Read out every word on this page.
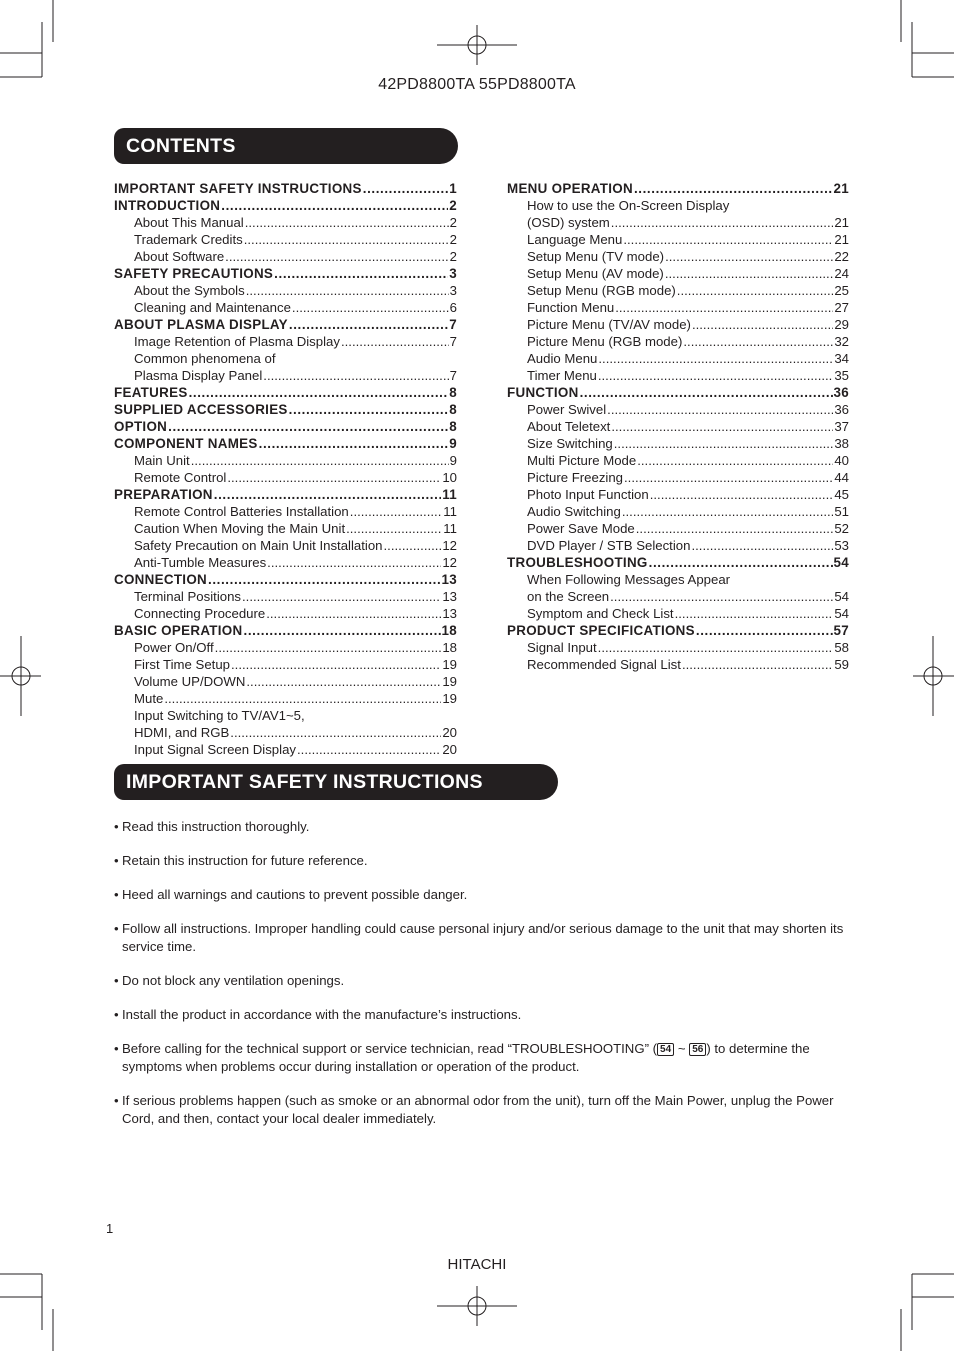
42PD8800TA 55PD8800TA
CONTENTS
IMPORTANT SAFETY INSTRUCTIONS .....	1
INTRODUCTION .....	2
About This Manual .....	2
Trademark Credits .....	2
About Software .....	2
SAFETY PRECAUTIONS .....	3
About the Symbols .....	3
Cleaning and Maintenance .....	6
ABOUT PLASMA DISPLAY .....	7
Image Retention of Plasma Display .....	7
Common phenomena of
Plasma Display Panel .....	7
FEATURES .....	8
SUPPLIED ACCESSORIES .....	8
OPTION .....	8
COMPONENT NAMES .....	9
Main Unit .....	9
Remote Control .....	10
PREPARATION .....	11
Remote Control Batteries Installation .....	11
Caution When Moving the Main Unit .....	11
Safety Precaution on Main Unit Installation .....	12
Anti-Tumble Measures .....	12
CONNECTION .....	13
Terminal Positions .....	13
Connecting Procedure .....	13
BASIC OPERATION .....	18
Power On/Off .....	18
First Time Setup .....	19
Volume UP/DOWN .....	19
Mute .....	19
Input Switching to TV/AV1~5,
HDMI, and RGB .....	20
Input Signal Screen Display .....	20
MENU OPERATION .....	21
How to use the On-Screen Display
(OSD) system .....	21
Language Menu .....	21
Setup Menu (TV mode) .....	22
Setup Menu (AV mode) .....	24
Setup Menu (RGB mode) .....	25
Function Menu .....	27
Picture Menu (TV/AV mode) .....	29
Picture Menu (RGB mode) .....	32
Audio Menu .....	34
Timer Menu .....	35
FUNCTION .....	36
Power Swivel .....	36
About Teletext .....	37
Size Switching .....	38
Multi Picture Mode .....	40
Picture Freezing .....	44
Photo Input Function .....	45
Audio Switching .....	51
Power Save Mode .....	52
DVD Player / STB Selection .....	53
TROUBLESHOOTING .....	54
When Following Messages Appear
on the Screen .....	54
Symptom and Check List .....	54
PRODUCT SPECIFICATIONS .....	57
Signal Input .....	58
Recommended Signal List .....	59
IMPORTANT SAFETY INSTRUCTIONS
• Read this instruction thoroughly.
• Retain this instruction for future reference.
• Heed all warnings and cautions to prevent possible danger.
• Follow all instructions. Improper handling could cause personal injury and/or serious damage to the unit that may shorten its service time.
• Do not block any ventilation openings.
• Install the product in accordance with the manufacture’s instructions.
• Before calling for the technical support or service technician, read “TROUBLESHOOTING” ( 54 ~ 56 ) to determine the symptoms when problems occur during installation or operation of the product.
• If serious problems happen (such as smoke or an abnormal odor from the unit), turn off the Main Power, unplug the Power Cord, and then, contact your local dealer immediately.
1
HITACHI
